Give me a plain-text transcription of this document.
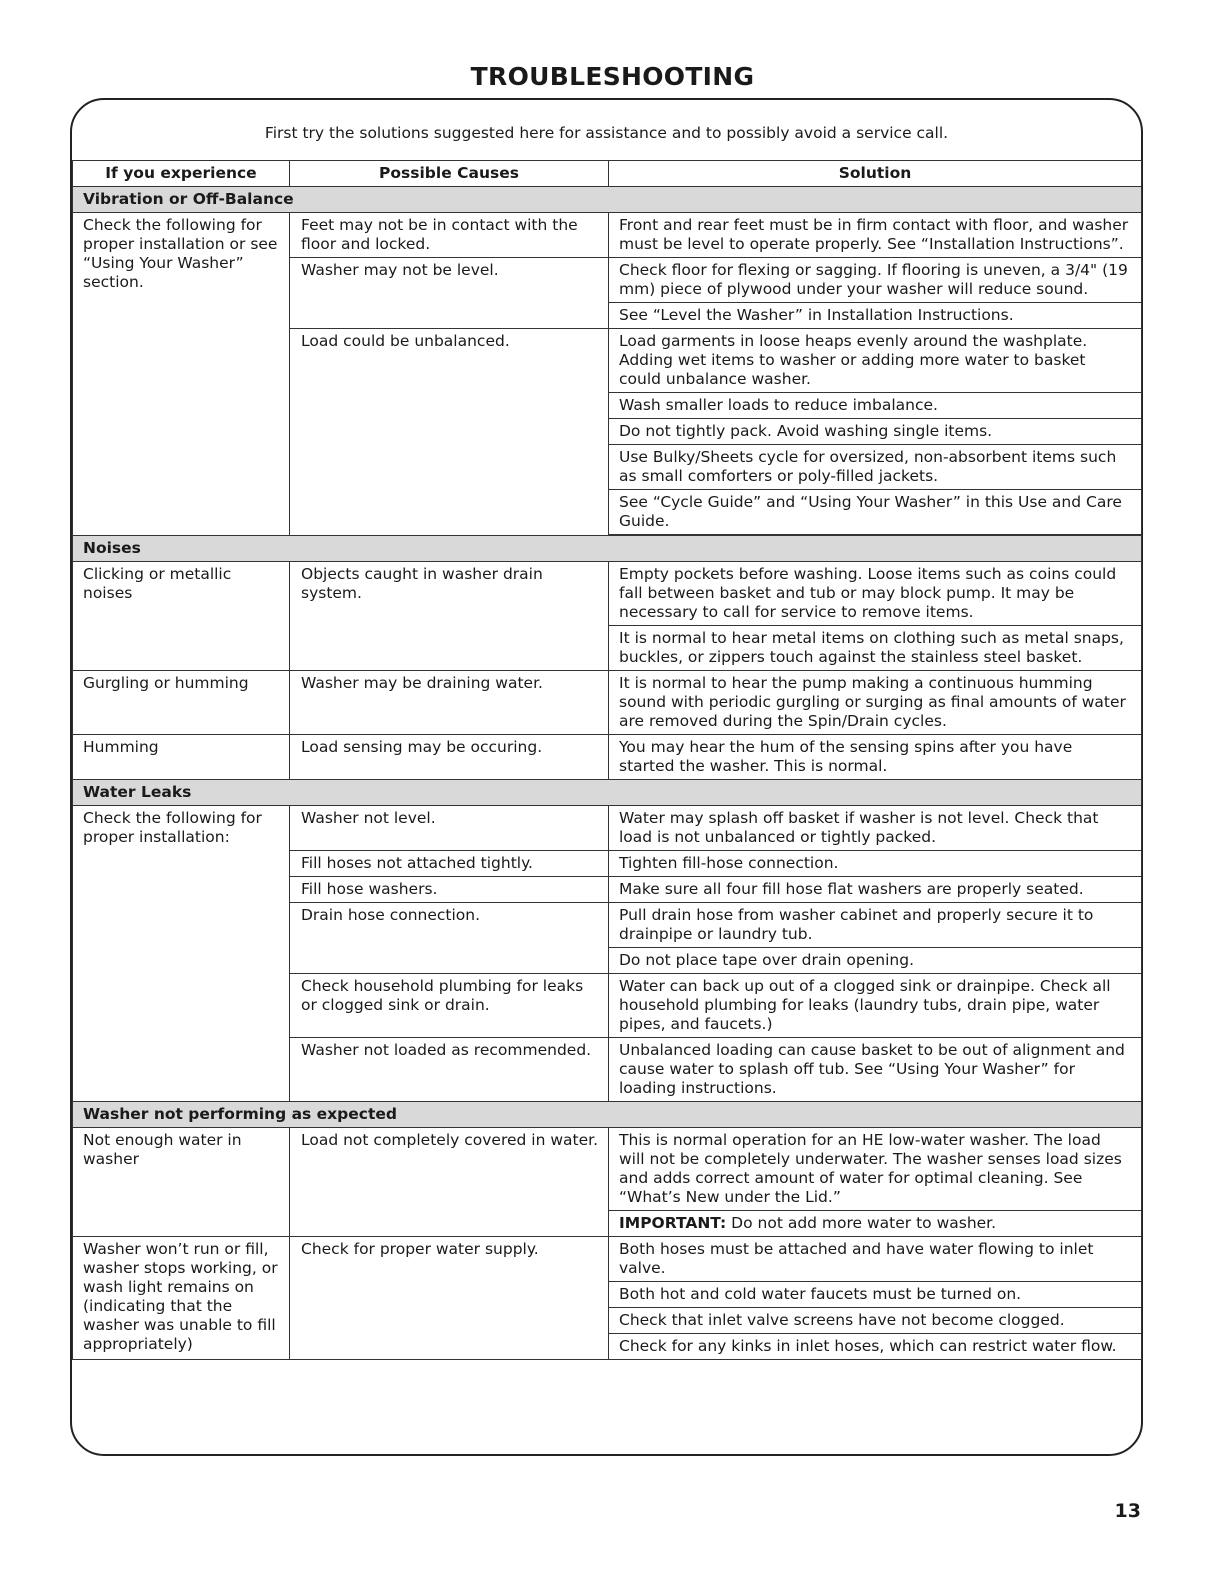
TROUBLESHOOTING
First try the solutions suggested here for assistance and to possibly avoid a service call.
If you experience	Possible Causes	Solution
Vibration or Off-Balance		
Check the following for proper installation or see “Using Your Washer” section.	Feet may not be in contact with the floor and locked.	Front and rear feet must be in firm contact with floor, and washer must be level to operate properly. See “Installation Instructions”.
	Washer may not be level.	Check floor for flexing or sagging. If flooring is uneven, a 3/4" (19 mm) piece of plywood under your washer will reduce sound.
		See “Level the Washer” in Installation Instructions.
	Load could be unbalanced.	Load garments in loose heaps evenly around the washplate. Adding wet items to washer or adding more water to basket could unbalance washer.
		Wash smaller loads to reduce imbalance.
		Do not tightly pack. Avoid washing single items.
		Use Bulky/Sheets cycle for oversized, non-absorbent items such as small comforters or poly-filled jackets.
		See “Cycle Guide” and “Using Your Washer” in this Use and Care Guide.

Noises		
Clicking or metallic noises	Objects caught in washer drain system.	Empty pockets before washing. Loose items such as coins could fall between basket and tub or may block pump. It may be necessary to call for service to remove items.
		It is normal to hear metal items on clothing such as metal snaps, buckles, or zippers touch against the stainless steel basket.
Gurgling or humming	Washer may be draining water.	It is normal to hear the pump making a continuous humming sound with periodic gurgling or surging as final amounts of water are removed during the Spin/Drain cycles.
Humming	Load sensing may be occuring.	You may hear the hum of the sensing spins after you have started the washer. This is normal.
Water Leaks		
Check the following for proper installation:	Washer not level.	Water may splash off basket if washer is not level. Check that load is not unbalanced or tightly packed.
	Fill hoses not attached tightly.	Tighten fill-hose connection.
	Fill hose washers.	Make sure all four fill hose flat washers are properly seated.
	Drain hose connection.	Pull drain hose from washer cabinet and properly secure it to drainpipe or laundry tub.
		Do not place tape over drain opening.
	Check household plumbing for leaks or clogged sink or drain.	Water can back up out of a clogged sink or drainpipe. Check all household plumbing for leaks (laundry tubs, drain pipe, water pipes, and faucets.)
	Washer not loaded as recommended.	Unbalanced loading can cause basket to be out of alignment and cause water to splash off tub. See “Using Your Washer” for loading instructions.
Washer not performing as expected		
Not enough water in washer	Load not completely covered in water.	This is normal operation for an HE low-water washer. The load will not be completely underwater. The washer senses load sizes and adds correct amount of water for optimal cleaning. See “What’s New under the Lid.”
		IMPORTANT: Do not add more water to washer.
Washer won’t run or fill, washer stops working, or wash light remains on (indicating that the washer was unable to fill appropriately)	Check for proper water supply.	Both hoses must be attached and have water flowing to inlet valve.
		Both hot and cold water faucets must be turned on.
		Check that inlet valve screens have not become clogged.
		Check for any kinks in inlet hoses, which can restrict water flow.
13
